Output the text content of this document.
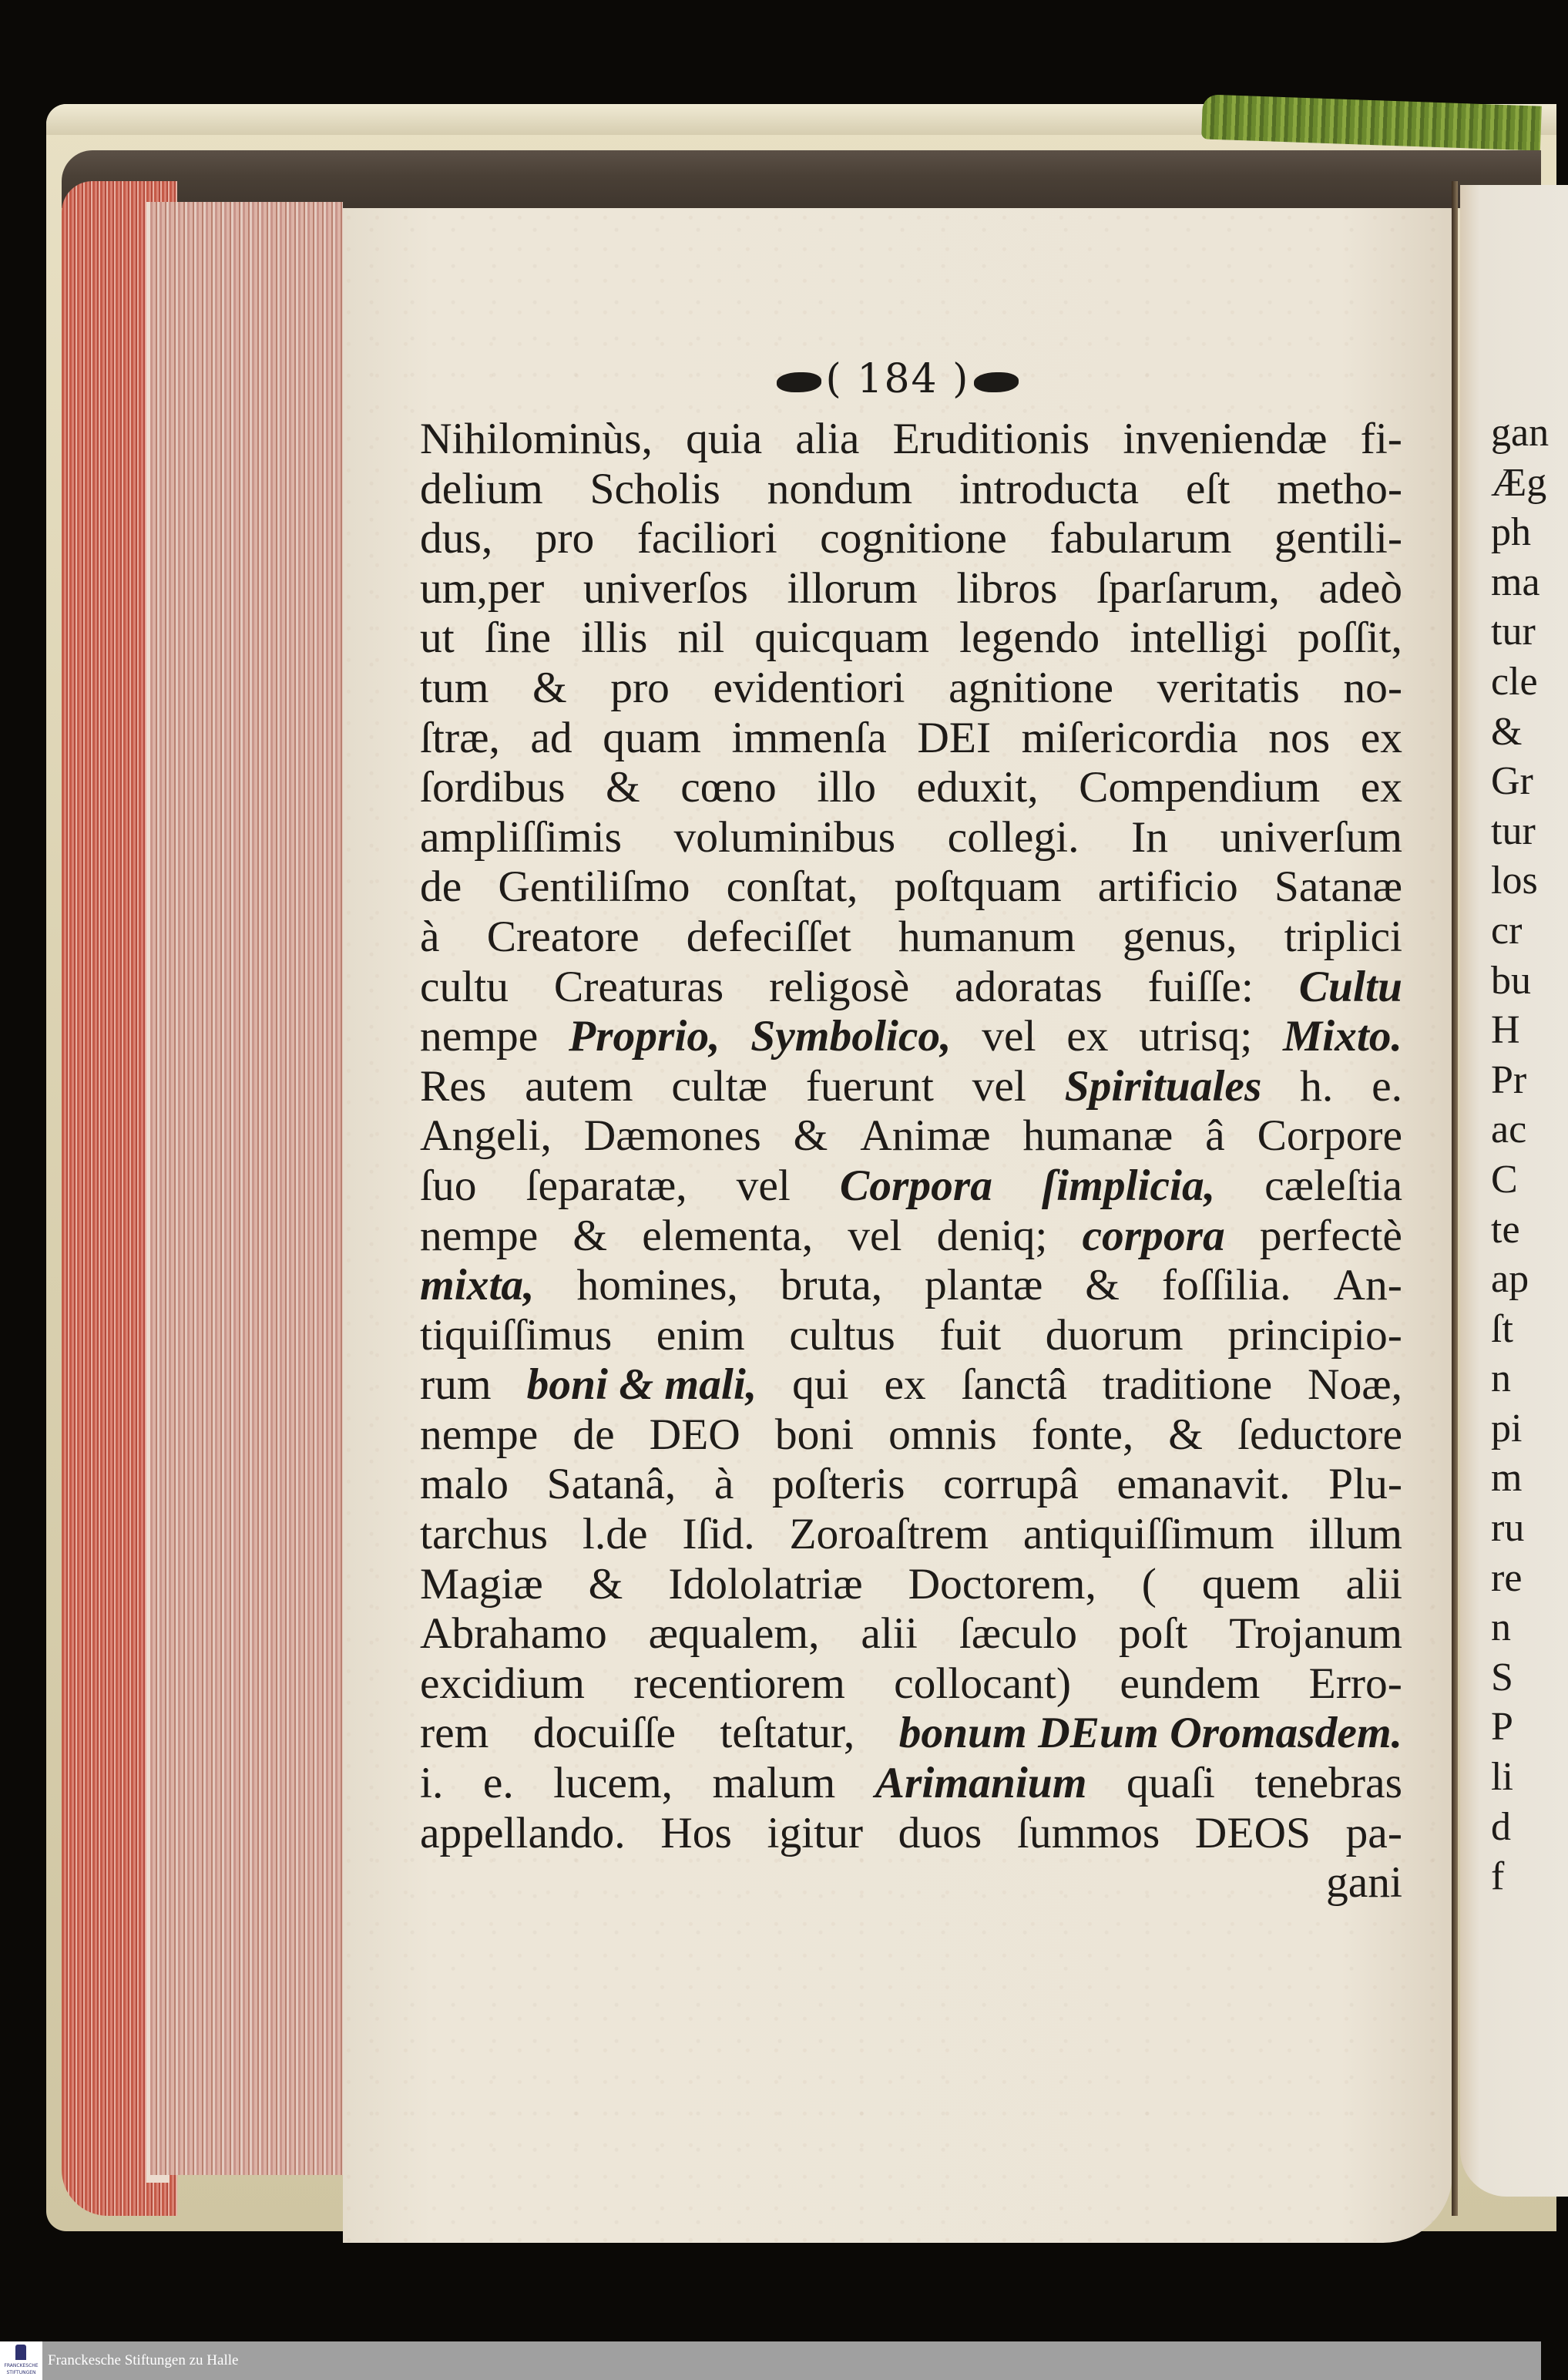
( 184 )
Nihilominùs, quia alia Eruditionis inveniendæ fi-
delium Scholis nondum introducta eſt metho-
dus, pro faciliori cognitione fabularum gentili-
um,per univerſos illorum libros ſparſarum, adeò
ut ſine illis nil quicquam legendo intelligi poſſit,
tum & pro evidentiori agnitione veritatis no-
ſtræ, ad quam immenſa DEI miſericordia nos ex
ſordibus & cœno illo eduxit, Compendium ex
ampliſſimis voluminibus collegi. In univerſum
de Gentiliſmo conſtat, poſtquam artificio Satanæ
à Creatore defeciſſet humanum genus, triplici
cultu Creaturas religosè adoratas fuiſſe: Cultu
nempe Proprio, Symbolico, vel ex utrisq; Mixto.
Res autem cultæ fuerunt vel Spirituales h. e.
Angeli, Dæmones & Animæ humanæ â Corpore
ſuo ſeparatæ, vel Corpora ſimplicia, cæleſtia
nempe & elementa, vel deniq; corpora perfectè
mixta, homines, bruta, plantæ & foſſilia. An-
tiquiſſimus enim cultus fuit duorum principio-
rum boni & mali, qui ex ſanctâ traditione Noæ,
nempe de DEO boni omnis fonte, & ſeductore
malo Satanâ, à poſteris corrupâ emanavit. Plu-
tarchus l.de Iſid. Zoroaſtrem antiquiſſimum illum
Magiæ & Idololatriæ Doctorem, ( quem alii
Abrahamo æqualem, alii ſæculo poſt Trojanum
excidium recentiorem collocant) eundem Erro-
rem docuiſſe teſtatur, bonum DEum Oromasdem.
i. e. lucem, malum Arimanium quaſi tenebras
appellando. Hos igitur duos ſummos DEOS pa-
gani
gan
Æg
ph
ma
tur
cle
&
Gr
tur
los
cr
bu
H
Pr
ac
C
te
ap
ſt
n
pi
m
ru
re
n
S
P
li
d
f
FRANCKESCHE
STIFTUNGEN
Franckesche Stiftungen zu Halle
